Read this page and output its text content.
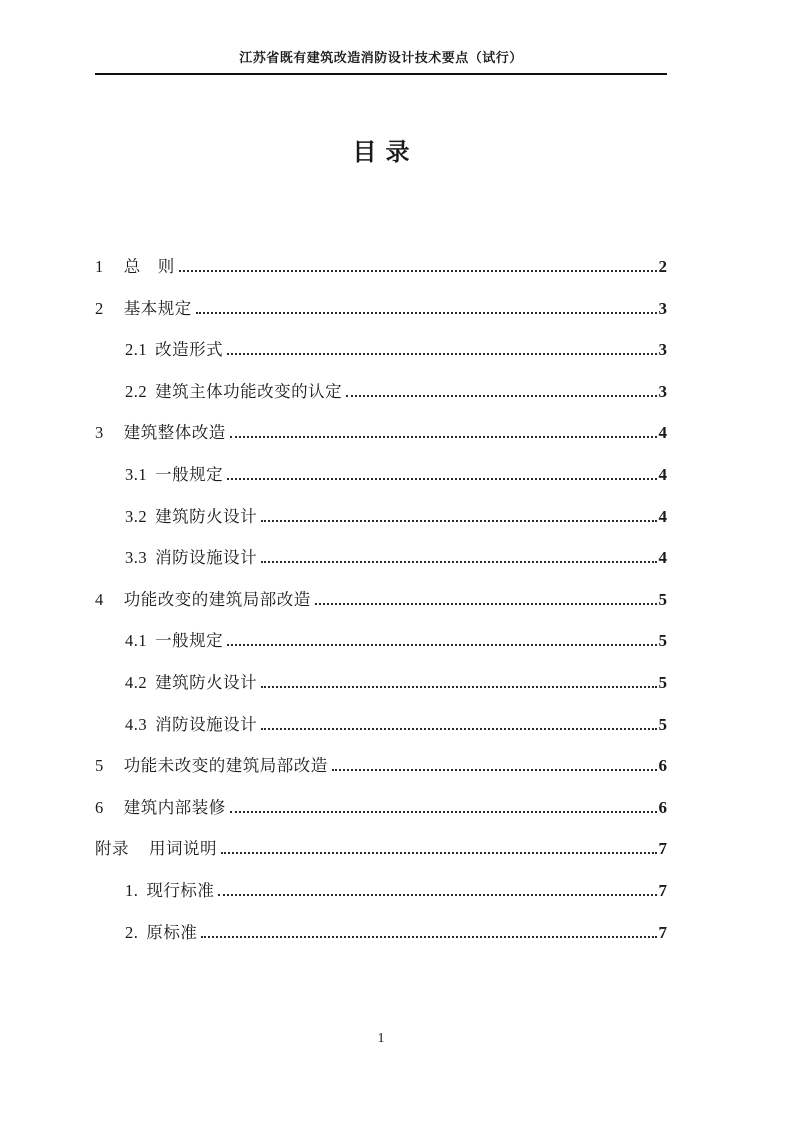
江苏省既有建筑改造消防设计技术要点（试行）
目 录
1 总　则	2
2 基本规定	3
2.1 改造形式	3
2.2 建筑主体功能改变的认定	3
3 建筑整体改造	4
3.1 一般规定	4
3.2 建筑防火设计	4
3.3 消防设施设计	4
4 功能改变的建筑局部改造	5
4.1 一般规定	5
4.2 建筑防火设计	5
4.3 消防设施设计	5
5 功能未改变的建筑局部改造	6
6 建筑内部装修	6
附录 用词说明	7
1. 现行标准	7
2. 原标准	7
1
